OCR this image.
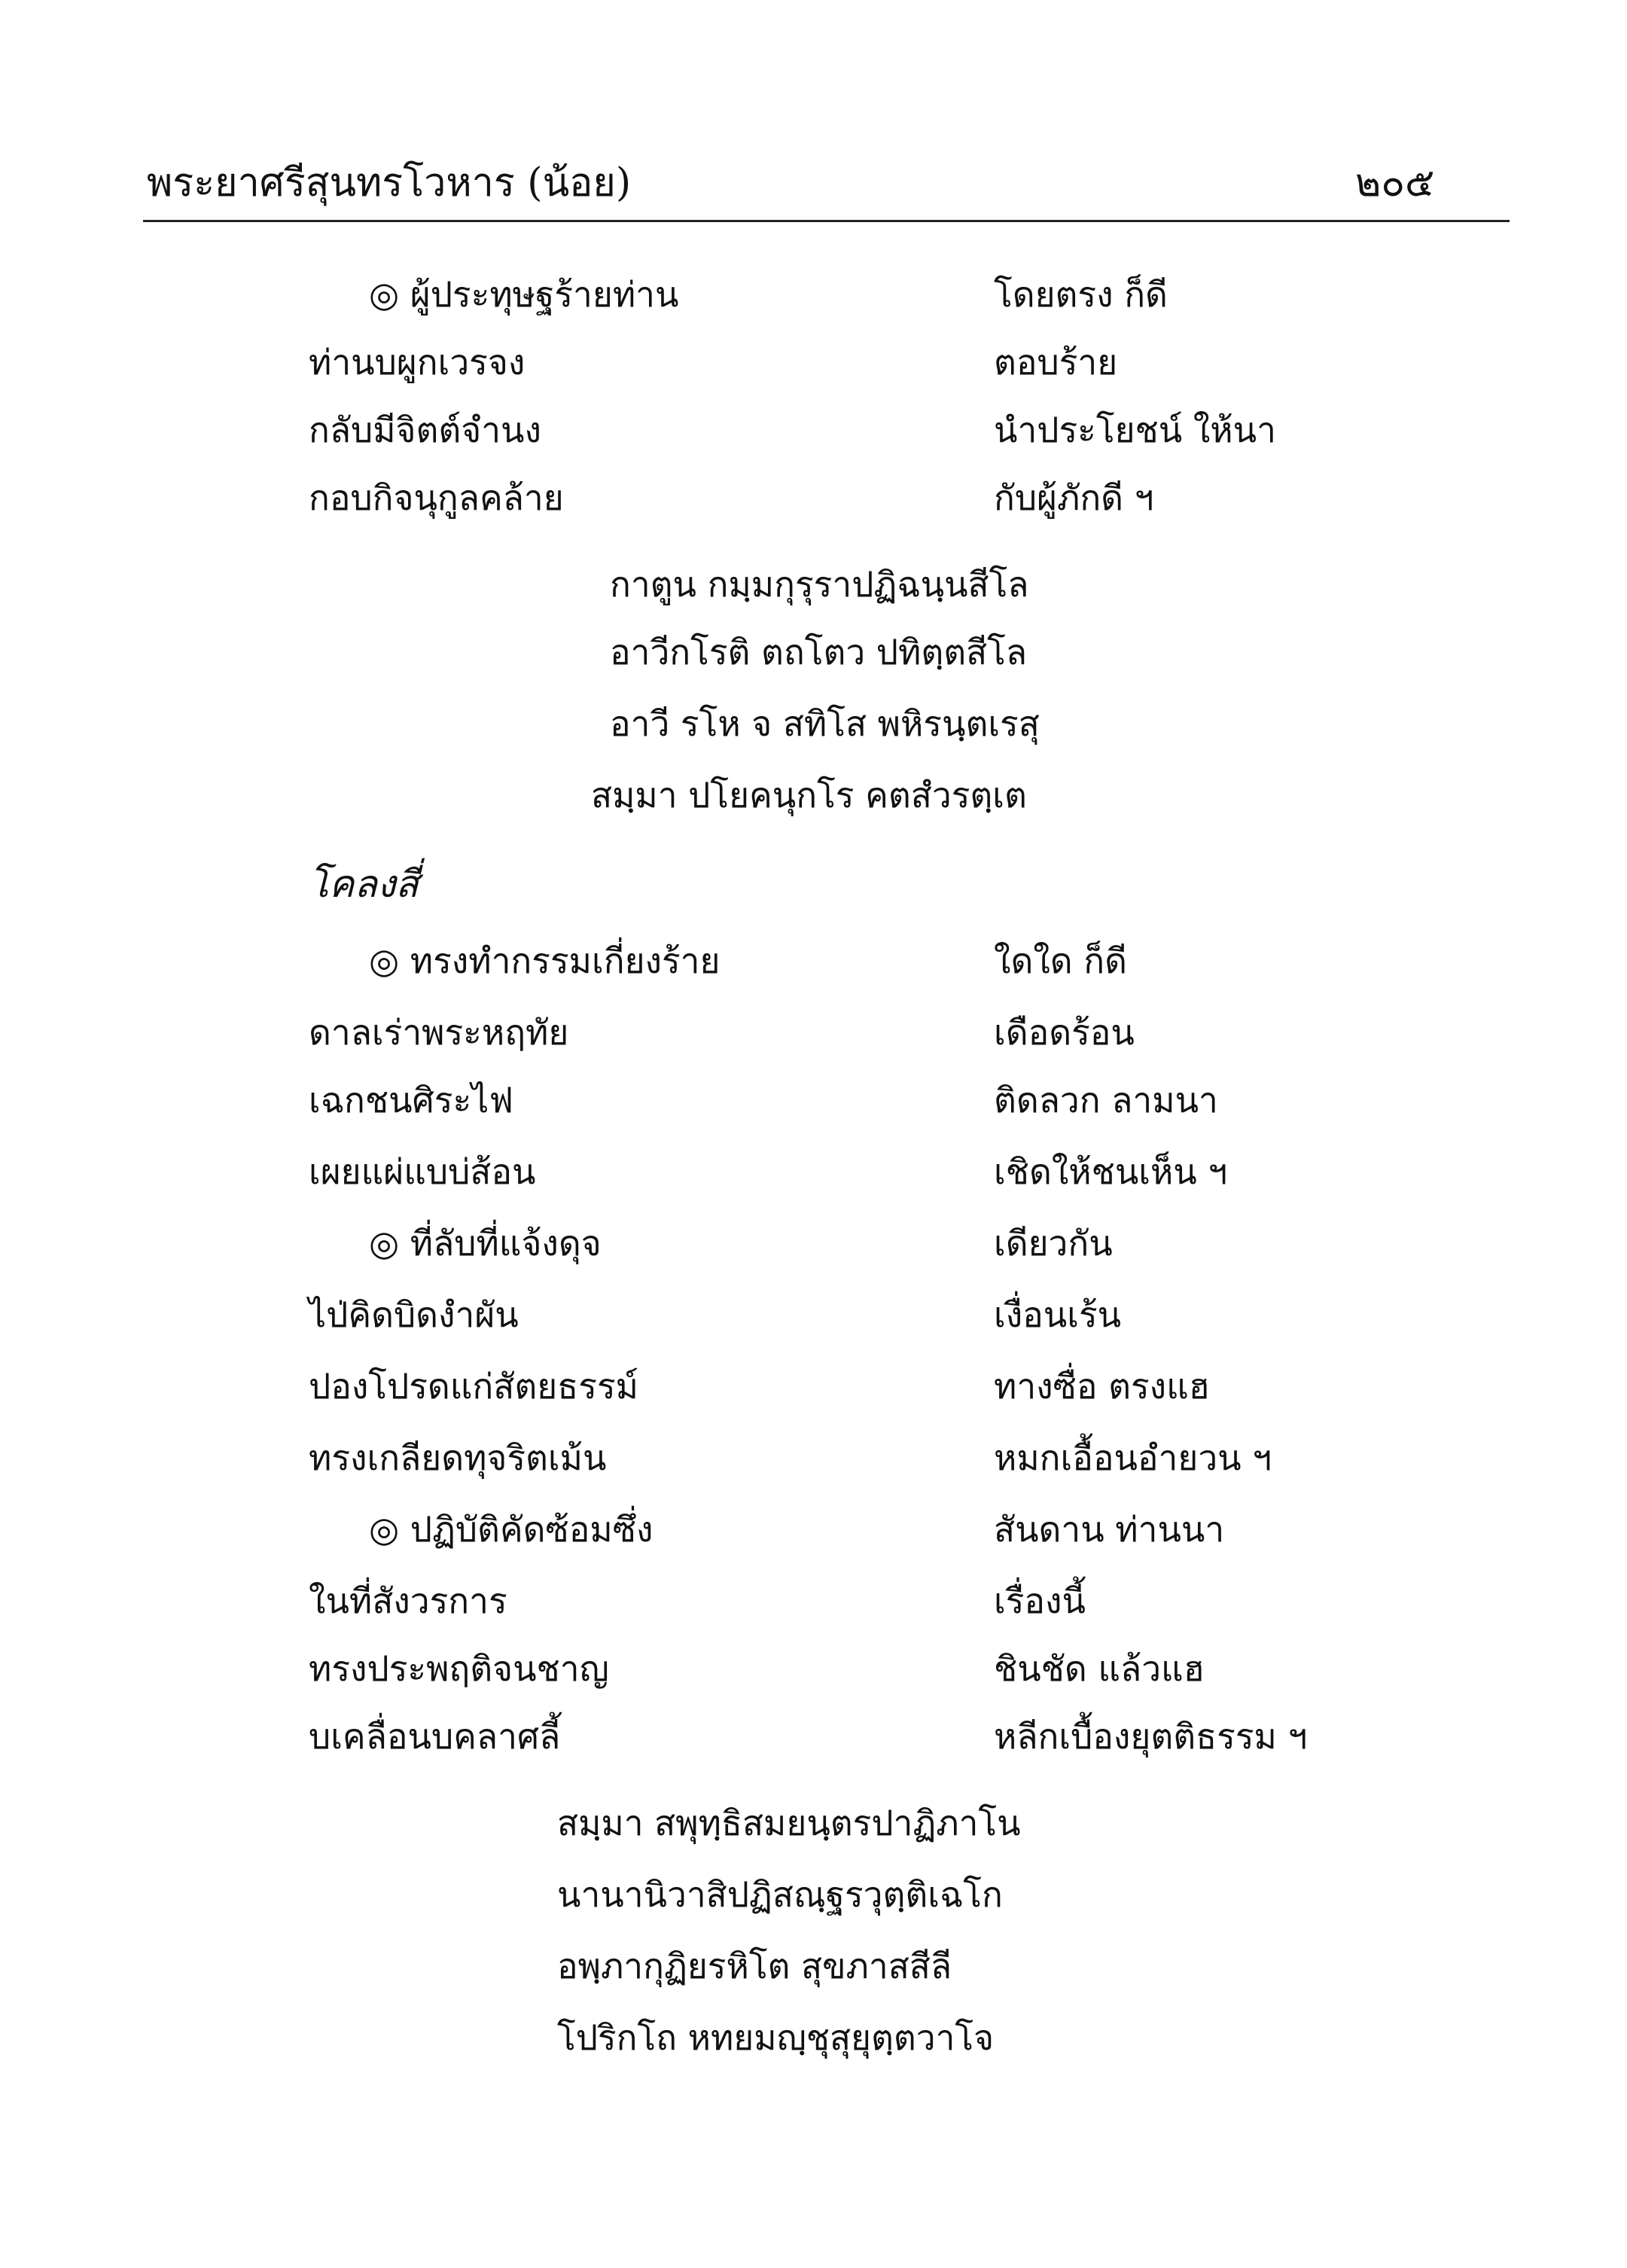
พระยาศรีสุนทรโวหาร (น้อย)	๒๐๕
◎ ผู้ประทุษฐร้ายท่าน	โดยตรง ก็ดี
ท่านบผูกเวรจง	ตอบร้าย
กลับมีจิตต์จำนง	นำประโยชน์ ให้นา
กอบกิจนุกูลคล้าย	กับผู้ภักดี ฯ
กาตูน กมฺมกุรุราปฏิฉนฺนสีโล
อาวีกโรติ ตถโตว ปทิตฺตสีโล
อาวี รโห จ สทิโส พหิรนฺตเรสุ
สมฺมา ปโยคนุกโร คตสํวรตฺเต
โคลงสี่
◎ ทรงทำกรรมเกี่ยงร้าย	ใดใด ก็ดี
ดาลเร่าพระหฤทัย	เดือดร้อน
เฉกชนศิระไฟ	ติดลวก ลามนา
เผยแผ่แบบ่ส้อน	เชิดให้ชนเห็น ฯ
◎ ที่ลับที่แจ้งดุจ	เดียวกัน
ไป่คิดบิดงำผัน	เงื่อนเร้น
ปองโปรดแก่สัตยธรรม์	ทางซื่อ ตรงแฮ
ทรงเกลียดทุจริตเม้น	หมกเอื้อนอำยวน ฯ
◎ ปฏิบัติคัดซ้อมซึ่ง	สันดาน ท่านนา
ในที่สังวรการ	เรื่องนี้
ทรงประพฤติจนชาญ	ชินชัด แล้วแฮ
บเคลื่อนบคลาศลี้	หลีกเบื้องยุตติธรรม ฯ
สมฺมา สพุทฺธิสมยนฺตรปาฏิภาโน
นานานิวาสิปฏิสณฺฐรวุตฺติเฉโก
อพฺภากุฏิยรหิโต สุขภาสสีลี
โปริกโถ หทยมญฺชุสุยุตฺตวาโจ
